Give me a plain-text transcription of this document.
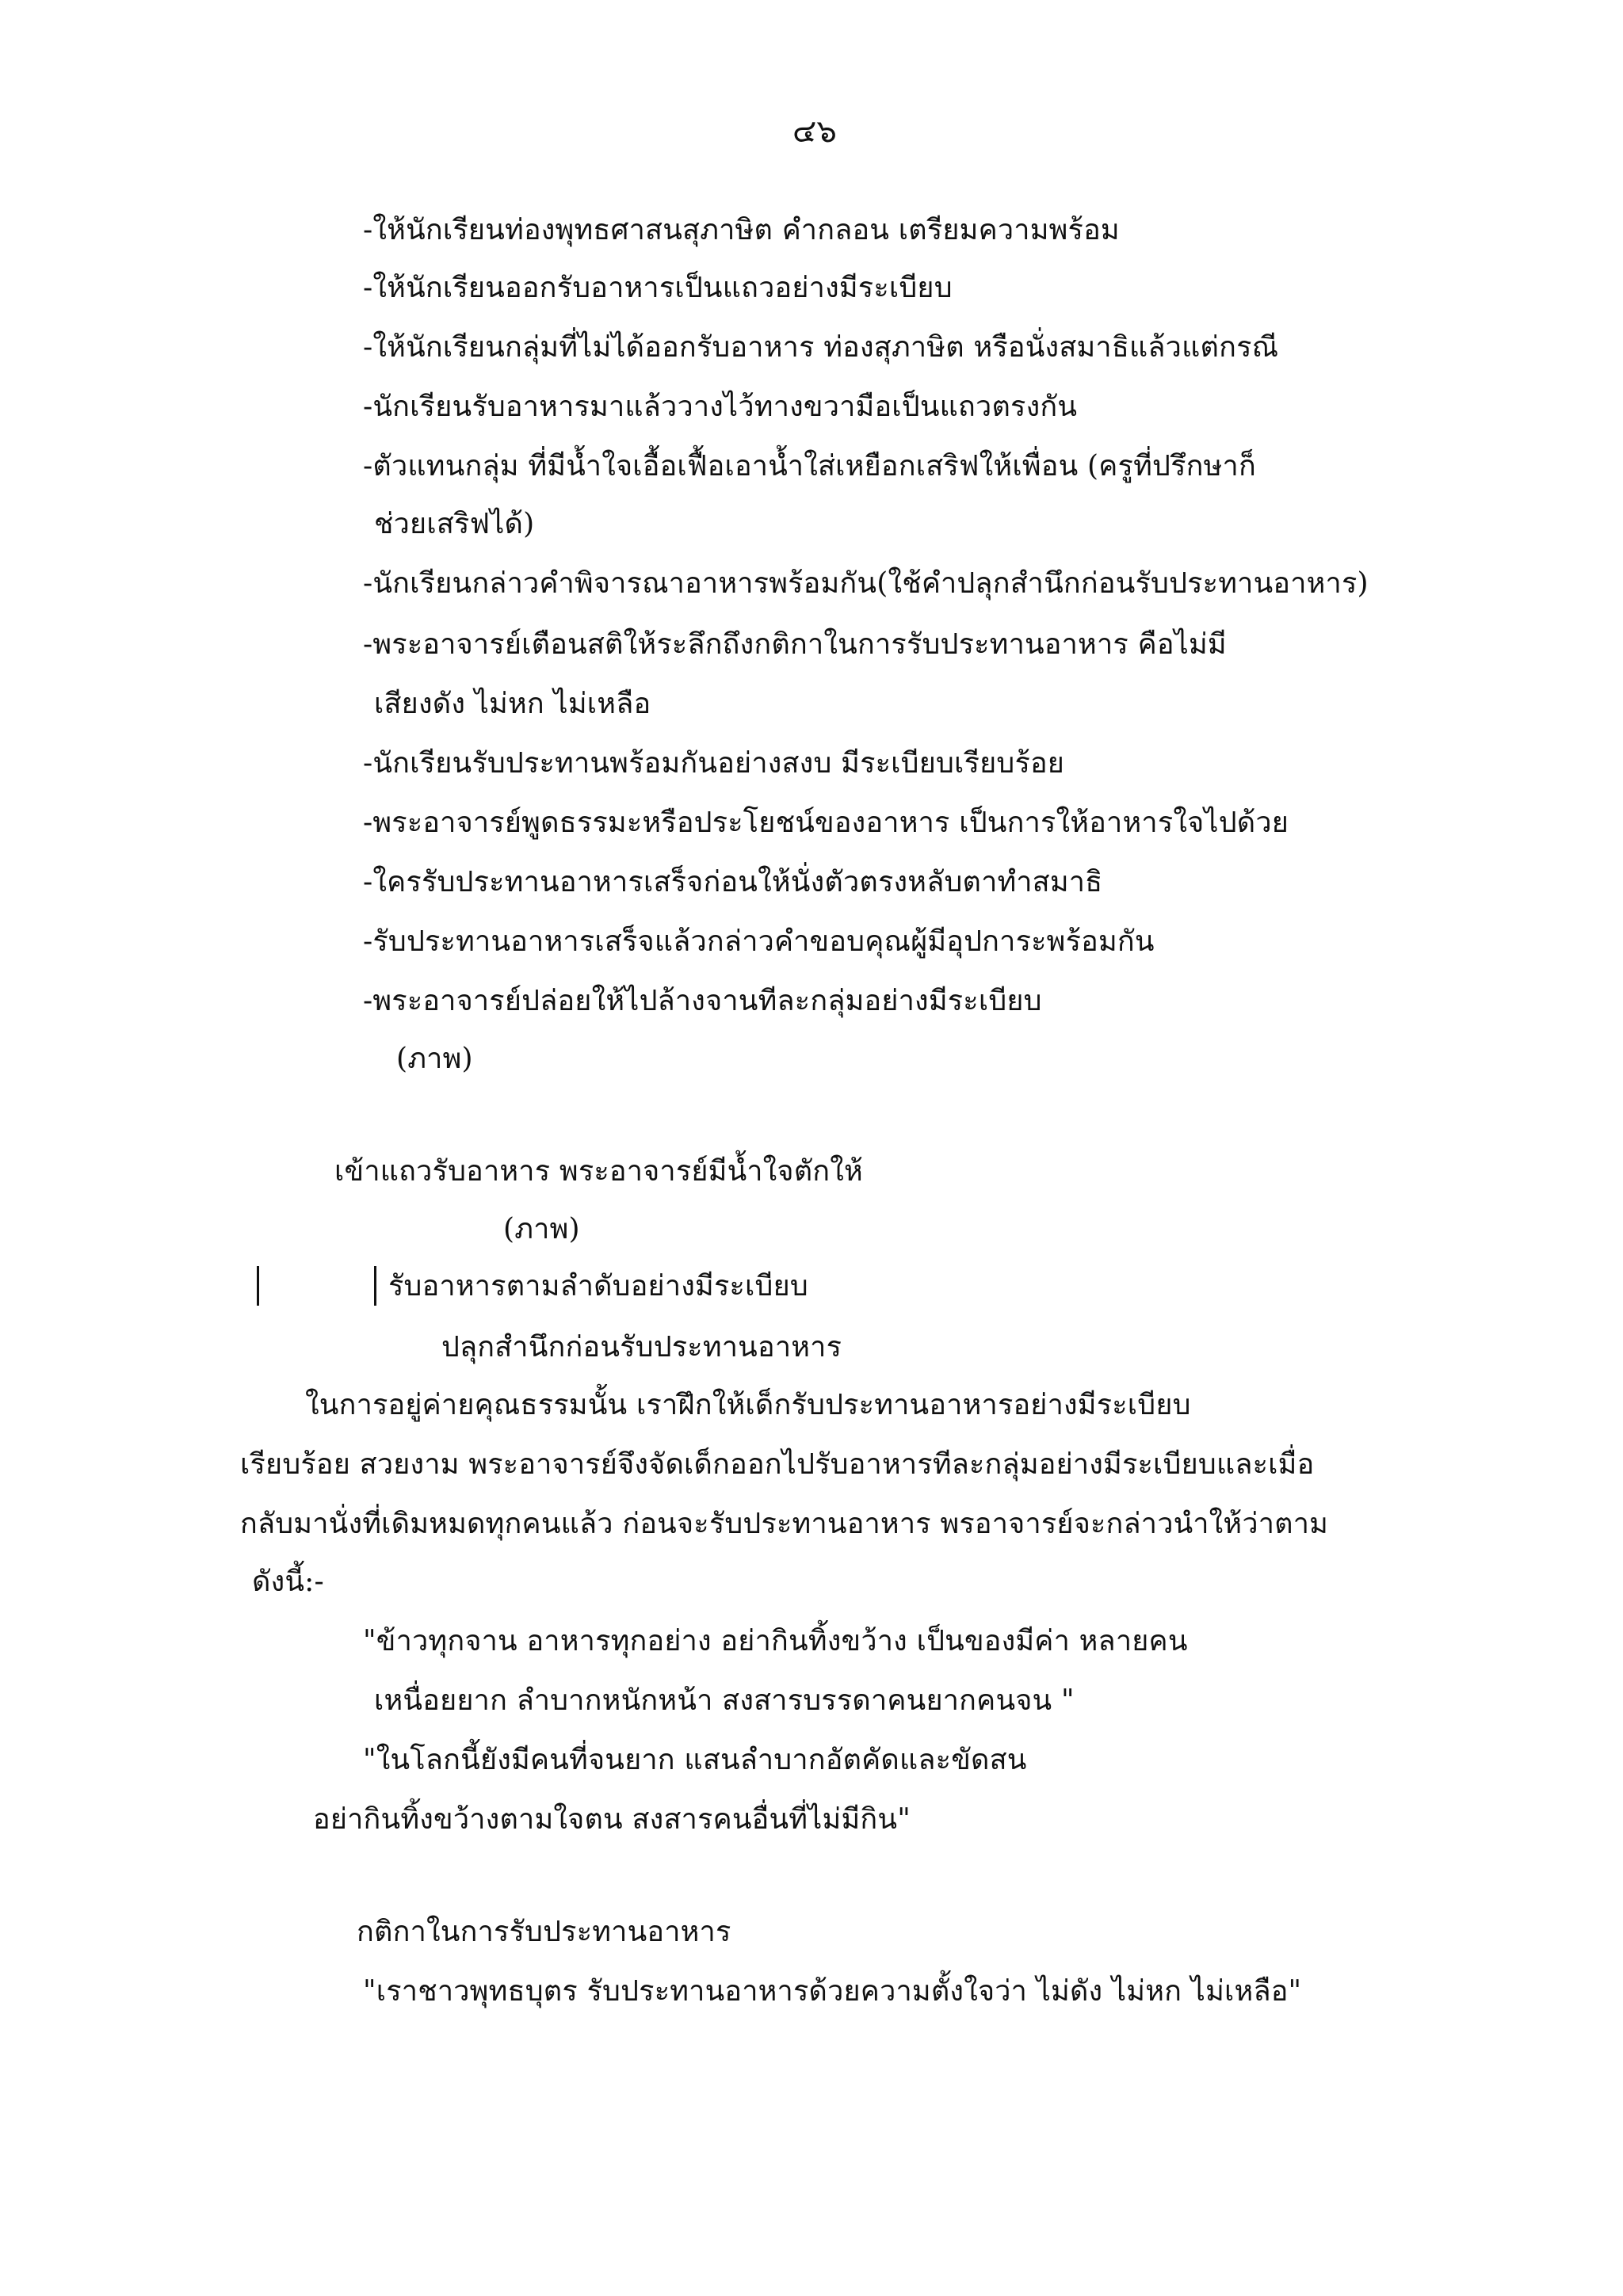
๔๖
-ให้นักเรียนท่องพุทธศาสนสุภาษิต คำกลอน เตรียมความพร้อม
-ให้นักเรียนออกรับอาหารเป็นแถวอย่างมีระเบียบ
-ให้นักเรียนกลุ่มที่ไม่ได้ออกรับอาหาร ท่องสุภาษิต หรือนั่งสมาธิแล้วแต่กรณี
-นักเรียนรับอาหารมาแล้ววางไว้ทางขวามือเป็นแถวตรงกัน
-ตัวแทนกลุ่ม ที่มีน้ำใจเอื้อเฟื้อเอาน้ำใส่เหยือกเสริฟให้เพื่อน (ครูที่ปรึกษาก็
ช่วยเสริฟได้)
-นักเรียนกล่าวคำพิจารณาอาหารพร้อมกัน(ใช้คำปลุกสำนึกก่อนรับประทานอาหาร)
-พระอาจารย์เตือนสติให้ระลึกถึงกติกาในการรับประทานอาหาร คือไม่มี
เสียงดัง ไม่หก ไม่เหลือ
-นักเรียนรับประทานพร้อมกันอย่างสงบ มีระเบียบเรียบร้อย
-พระอาจารย์พูดธรรมะหรือประโยชน์ของอาหาร เป็นการให้อาหารใจไปด้วย
-ใครรับประทานอาหารเสร็จก่อนให้นั่งตัวตรงหลับตาทำสมาธิ
-รับประทานอาหารเสร็จแล้วกล่าวคำขอบคุณผู้มีอุปการะพร้อมกัน
-พระอาจารย์ปล่อยให้ไปล้างจานทีละกลุ่มอย่างมีระเบียบ
(ภาพ)
เข้าแถวรับอาหาร พระอาจารย์มีน้ำใจตักให้
(ภาพ)
รับอาหารตามลำดับอย่างมีระเบียบ
ปลุกสำนึกก่อนรับประทานอาหาร
ในการอยู่ค่ายคุณธรรมนั้น เราฝึกให้เด็กรับประทานอาหารอย่างมีระเบียบ
เรียบร้อย สวยงาม พระอาจารย์จึงจัดเด็กออกไปรับอาหารทีละกลุ่มอย่างมีระเบียบและเมื่อ
กลับมานั่งที่เดิมหมดทุกคนแล้ว ก่อนจะรับประทานอาหาร พรอาจารย์จะกล่าวนำให้ว่าตาม
ดังนี้:-
"ข้าวทุกจาน อาหารทุกอย่าง อย่ากินทิ้งขว้าง เป็นของมีค่า หลายคน
เหนื่อยยาก ลำบากหนักหน้า สงสารบรรดาคนยากคนจน "
"ในโลกนี้ยังมีคนที่จนยาก แสนลำบากอัตคัดและขัดสน
อย่ากินทิ้งขว้างตามใจตน สงสารคนอื่นที่ไม่มีกิน"
กติกาในการรับประทานอาหาร
"เราชาวพุทธบุตร รับประทานอาหารด้วยความตั้งใจว่า ไม่ดัง ไม่หก ไม่เหลือ"
